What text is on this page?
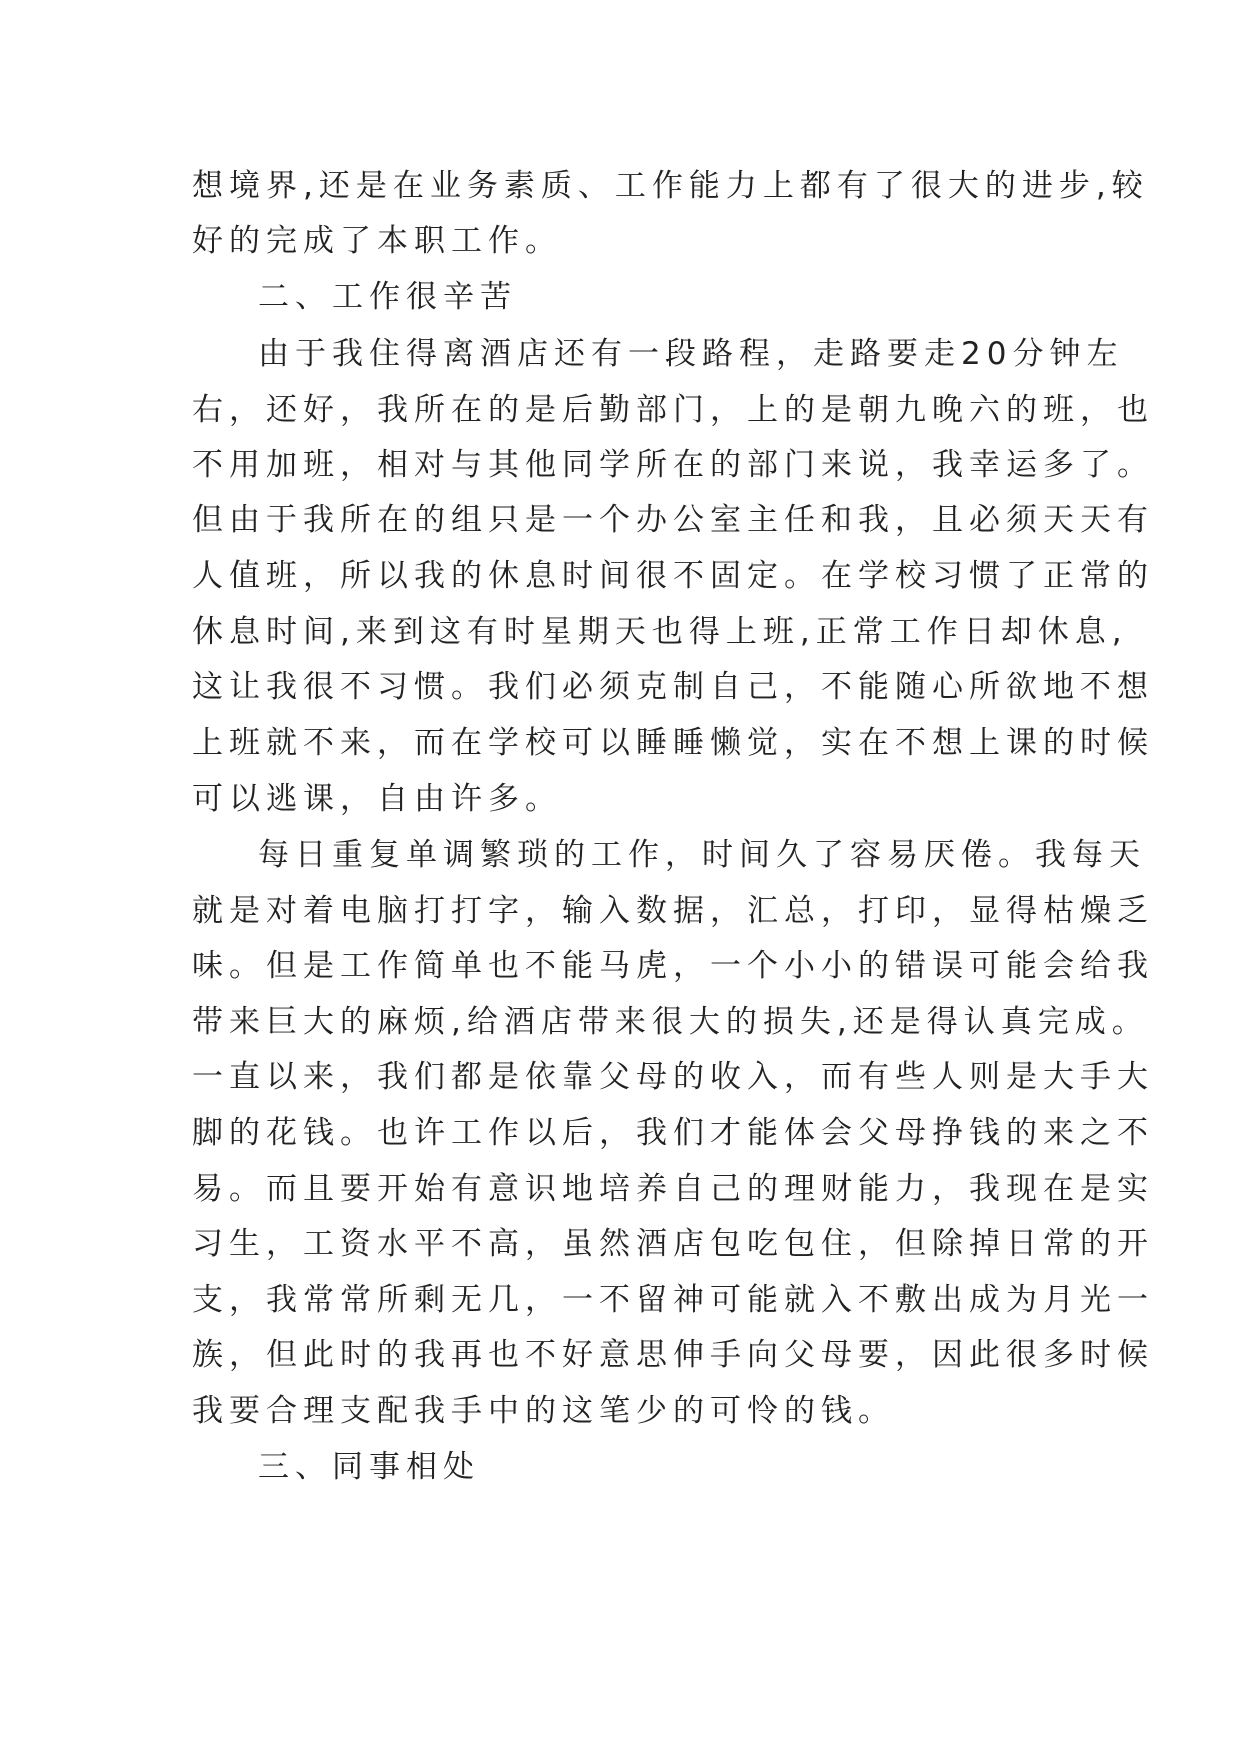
想境界,还是在业务素质、工作能力上都有了很大的进步,较

好的完成了本职工作。

二、工作很辛苦

由于我住得离酒店还有一段路程，走路要走20分钟左

右，还好，我所在的是后勤部门，上的是朝九晚六的班，也

不用加班，相对与其他同学所在的部门来说，我幸运多了。

但由于我所在的组只是一个办公室主任和我，且必须天天有

人值班，所以我的休息时间很不固定。在学校习惯了正常的

休息时间,来到这有时星期天也得上班,正常工作日却休息,

这让我很不习惯。我们必须克制自己，不能随心所欲地不想

上班就不来，而在学校可以睡睡懒觉，实在不想上课的时候

可以逃课，自由许多。

每日重复单调繁琐的工作，时间久了容易厌倦。我每天

就是对着电脑打打字，输入数据，汇总，打印，显得枯燥乏

味。但是工作简单也不能马虎，一个小小的错误可能会给我

带来巨大的麻烦,给酒店带来很大的损失,还是得认真完成。

一直以来，我们都是依靠父母的收入，而有些人则是大手大

脚的花钱。也许工作以后，我们才能体会父母挣钱的来之不

易。而且要开始有意识地培养自己的理财能力，我现在是实

习生，工资水平不高，虽然酒店包吃包住，但除掉日常的开

支，我常常所剩无几，一不留神可能就入不敷出成为月光一

族，但此时的我再也不好意思伸手向父母要，因此很多时候

我要合理支配我手中的这笔少的可怜的钱。

三、同事相处
